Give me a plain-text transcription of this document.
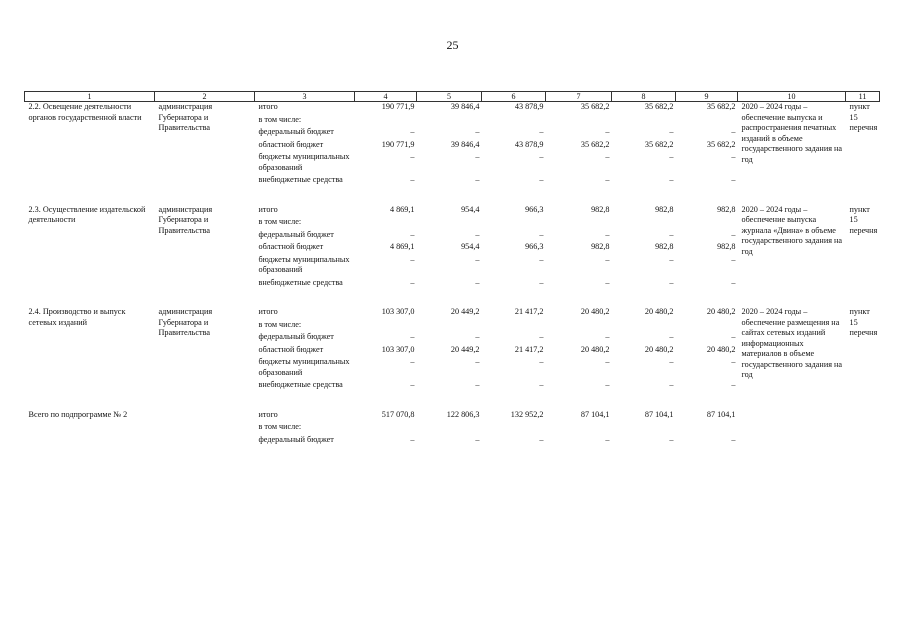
25
1	2	3	4	5	6	7	8	9	10	11
2.2. Освещение деятельности органов государственной власти	администрация Губернатора и Правительства	итого	190 771,9	39 846,4	43 878,9	35 682,2	35 682,2	35 682,2	2020 – 2024 годы – обеспечение выпуска и распространения печатных изданий в объеме государственного задания на год	пункт 15 перечня
		в том числе:								
		федеральный бюджет	–	–	–	–	–	–		
		областной бюджет	190 771,9	39 846,4	43 878,9	35 682,2	35 682,2	35 682,2		
		бюджеты муниципальных образований	–	–	–	–	–	–		
		внебюджетные средства	–	–	–	–	–	–		

2.3. Осуществление издательской деятельности	администрация Губернатора и Правительства	итого	4 869,1	954,4	966,3	982,8	982,8	982,8	2020 – 2024 годы – обеспечение выпуска журнала «Двина» в объеме государственного задания на год	пункт 15 перечня
		в том числе:								
		федеральный бюджет	–	–	–	–	–	–		
		областной бюджет	4 869,1	954,4	966,3	982,8	982,8	982,8		
		бюджеты муниципальных образований	–	–	–	–	–	–		
		внебюджетные средства	–	–	–	–	–	–		

2.4. Производство и выпуск сетевых изданий	администрация Губернатора и Правительства	итого	103 307,0	20 449,2	21 417,2	20 480,2	20 480,2	20 480,2	2020 – 2024 годы – обеспечение размещения на сайтах сетевых изданий информационных материалов в объеме государственного задания на год	пункт 15 перечня
		в том числе:								
		федеральный бюджет	–	–	–	–	–	–		
		областной бюджет	103 307,0	20 449,2	21 417,2	20 480,2	20 480,2	20 480,2		
		бюджеты муниципальных образований	–	–	–	–	–	–		
		внебюджетные средства	–	–	–	–	–	–		

Всего по подпрограмме № 2		итого	517 070,8	122 806,3	132 952,2	87 104,1	87 104,1	87 104,1		
		в том числе:								
		федеральный бюджет	–	–	–	–	–	–		
